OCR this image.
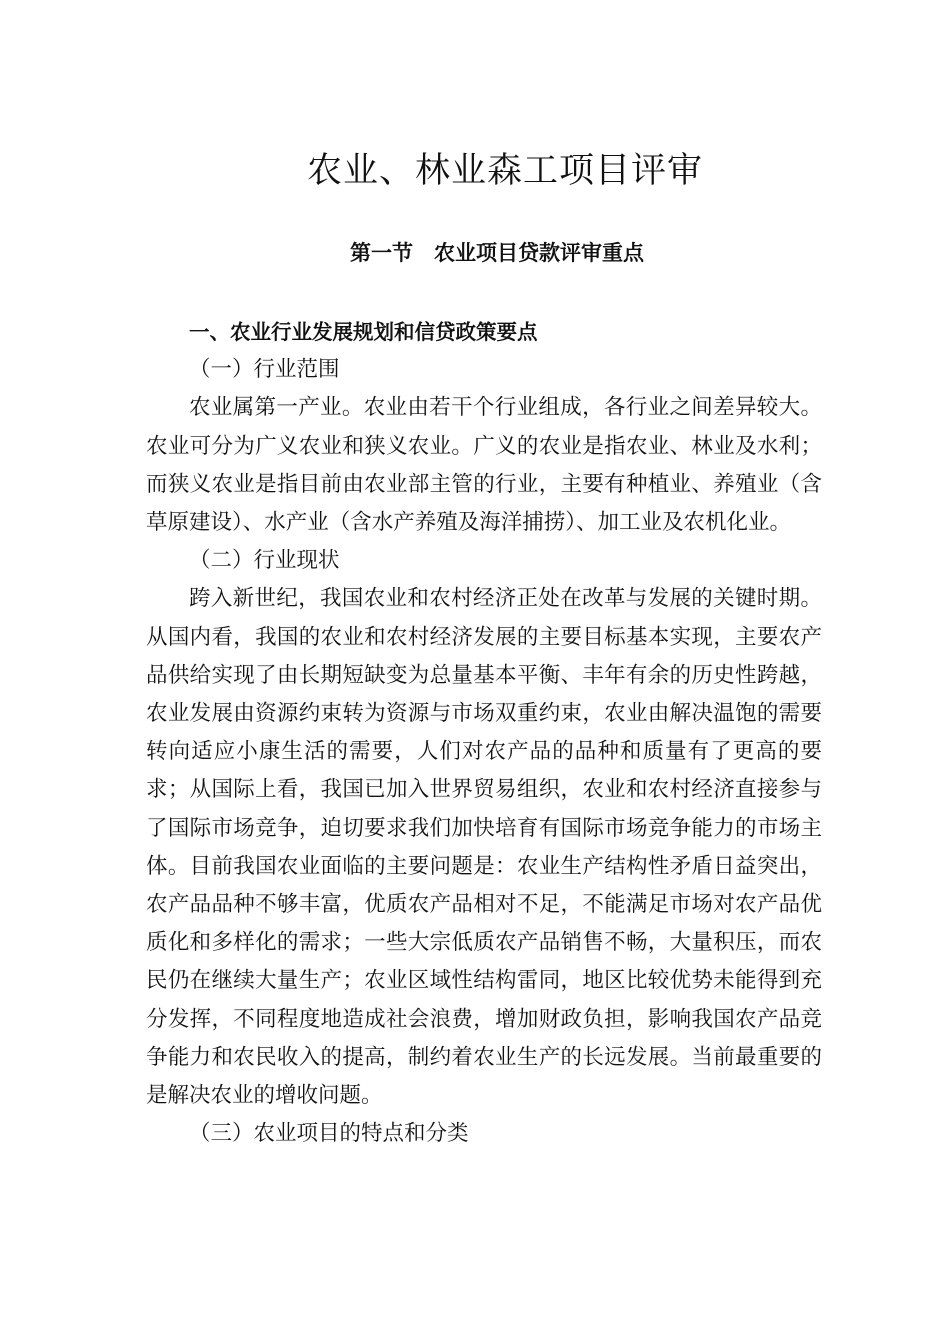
农业、林业森工项目评审
第一节　农业项目贷款评审重点

一、农业行业发展规划和信贷政策要点

（一）行业范围

农业属第一产业。农业由若干个行业组成，各行业之间差异较大。农业可分为广义农业和狭义农业。广义的农业是指农业、林业及水利；而狭义农业是指目前由农业部主管的行业，主要有种植业、养殖业（含草原建设）、水产业（含水产养殖及海洋捕捞）、加工业及农机化业。

（二）行业现状

跨入新世纪，我国农业和农村经济正处在改革与发展的关键时期。从国内看，我国的农业和农村经济发展的主要目标基本实现，主要农产品供给实现了由长期短缺变为总量基本平衡、丰年有余的历史性跨越，农业发展由资源约束转为资源与市场双重约束，农业由解决温饱的需要转向适应小康生活的需要，人们对农产品的品种和质量有了更高的要求；从国际上看，我国已加入世界贸易组织，农业和农村经济直接参与了国际市场竞争，迫切要求我们加快培育有国际市场竞争能力的市场主体。目前我国农业面临的主要问题是：农业生产结构性矛盾日益突出，农产品品种不够丰富，优质农产品相对不足，不能满足市场对农产品优质化和多样化的需求；一些大宗低质农产品销售不畅，大量积压，而农民仍在继续大量生产；农业区域性结构雷同，地区比较优势未能得到充分发挥，不同程度地造成社会浪费，增加财政负担，影响我国农产品竞争能力和农民收入的提高，制约着农业生产的长远发展。当前最重要的是解决农业的增收问题。

（三）农业项目的特点和分类
